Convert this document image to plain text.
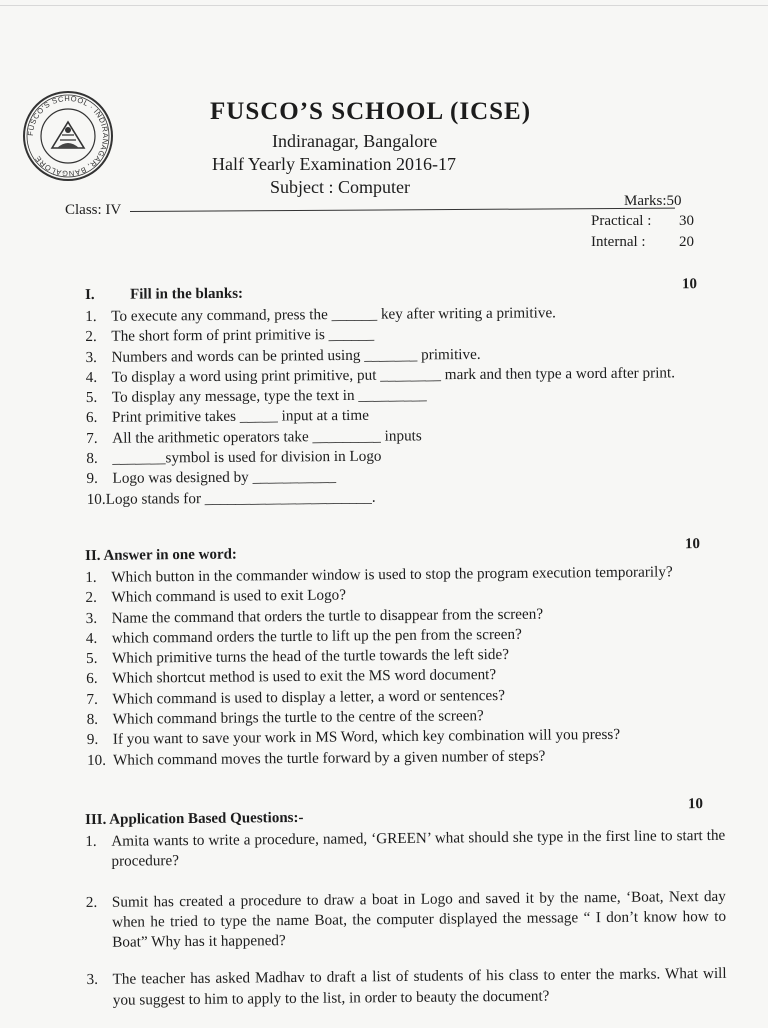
FUSCO'S SCHOOL · INDIRANAGAR, BANGALORE
FUSCO’S SCHOOL (ICSE)
Indiranagar, Bangalore
Half Yearly Examination 2016-17
Subject : Computer
Class: IV
Marks:50
Practical : 30
Internal : 20
I. Fill in the blanks:
10
1. To execute any command, press the ______ key after writing a primitive.
2. The short form of print primitive is ______
3. Numbers and words can be printed using _______ primitive.
4. To display a word using print primitive, put ________ mark and then type a word after print.
5. To display any message, type the text in _________
6. Print primitive takes _____ input at a time
7. All the arithmetic operators take _________ inputs
8. _______symbol is used for division in Logo
9. Logo was designed by ___________
10.Logo stands for ______________________.
II. Answer in one word:
10
1. Which button in the commander window is used to stop the program execution temporarily?
2. Which command is used to exit Logo?
3. Name the command that orders the turtle to disappear from the screen?
4. which command orders the turtle to lift up the pen from the screen?
5. Which primitive turns the head of the turtle towards the left side?
6. Which shortcut method is used to exit the MS word document?
7. Which command is used to display a letter, a word or sentences?
8. Which command brings the turtle to the centre of the screen?
9. If you want to save your work in MS Word, which key combination will you press?
10. Which command moves the turtle forward by a given number of steps?
III. Application Based Questions:-
10
1. Amita wants to write a procedure, named, ‘GREEN’ what should she type in the first line to start the procedure?
2. Sumit has created a procedure to draw a boat in Logo and saved it by the name, ‘Boat, Next day when he tried to type the name Boat, the computer displayed the message “ I don’t know how to Boat” Why has it happened?
3. The teacher has asked Madhav to draft a list of students of his class to enter the marks. What will you suggest to him to apply to the list, in order to beauty the document?
